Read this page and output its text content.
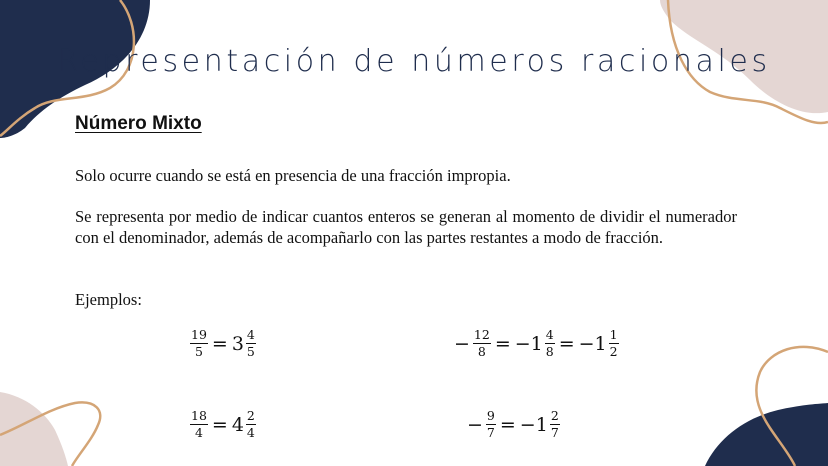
Representación de números racionales
Número Mixto

Solo ocurre cuando se está en presencia de una fracción impropia.

Se representa por medio de indicar cuantos enteros se generan al momento de dividir el numerador con el denominador, además de acompañarlo con las partes restantes a modo de fracción.

Ejemplos:

$\frac{19}{5} = 3 \frac{4}{5}$	− $\frac{12}{8} = -1 \frac{4}{8} = -1 \frac{1}{2}$
$\frac{18}{4} = 4 \frac{2}{4}$	− $\frac{9}{7} = -1 \frac{2}{7}$
